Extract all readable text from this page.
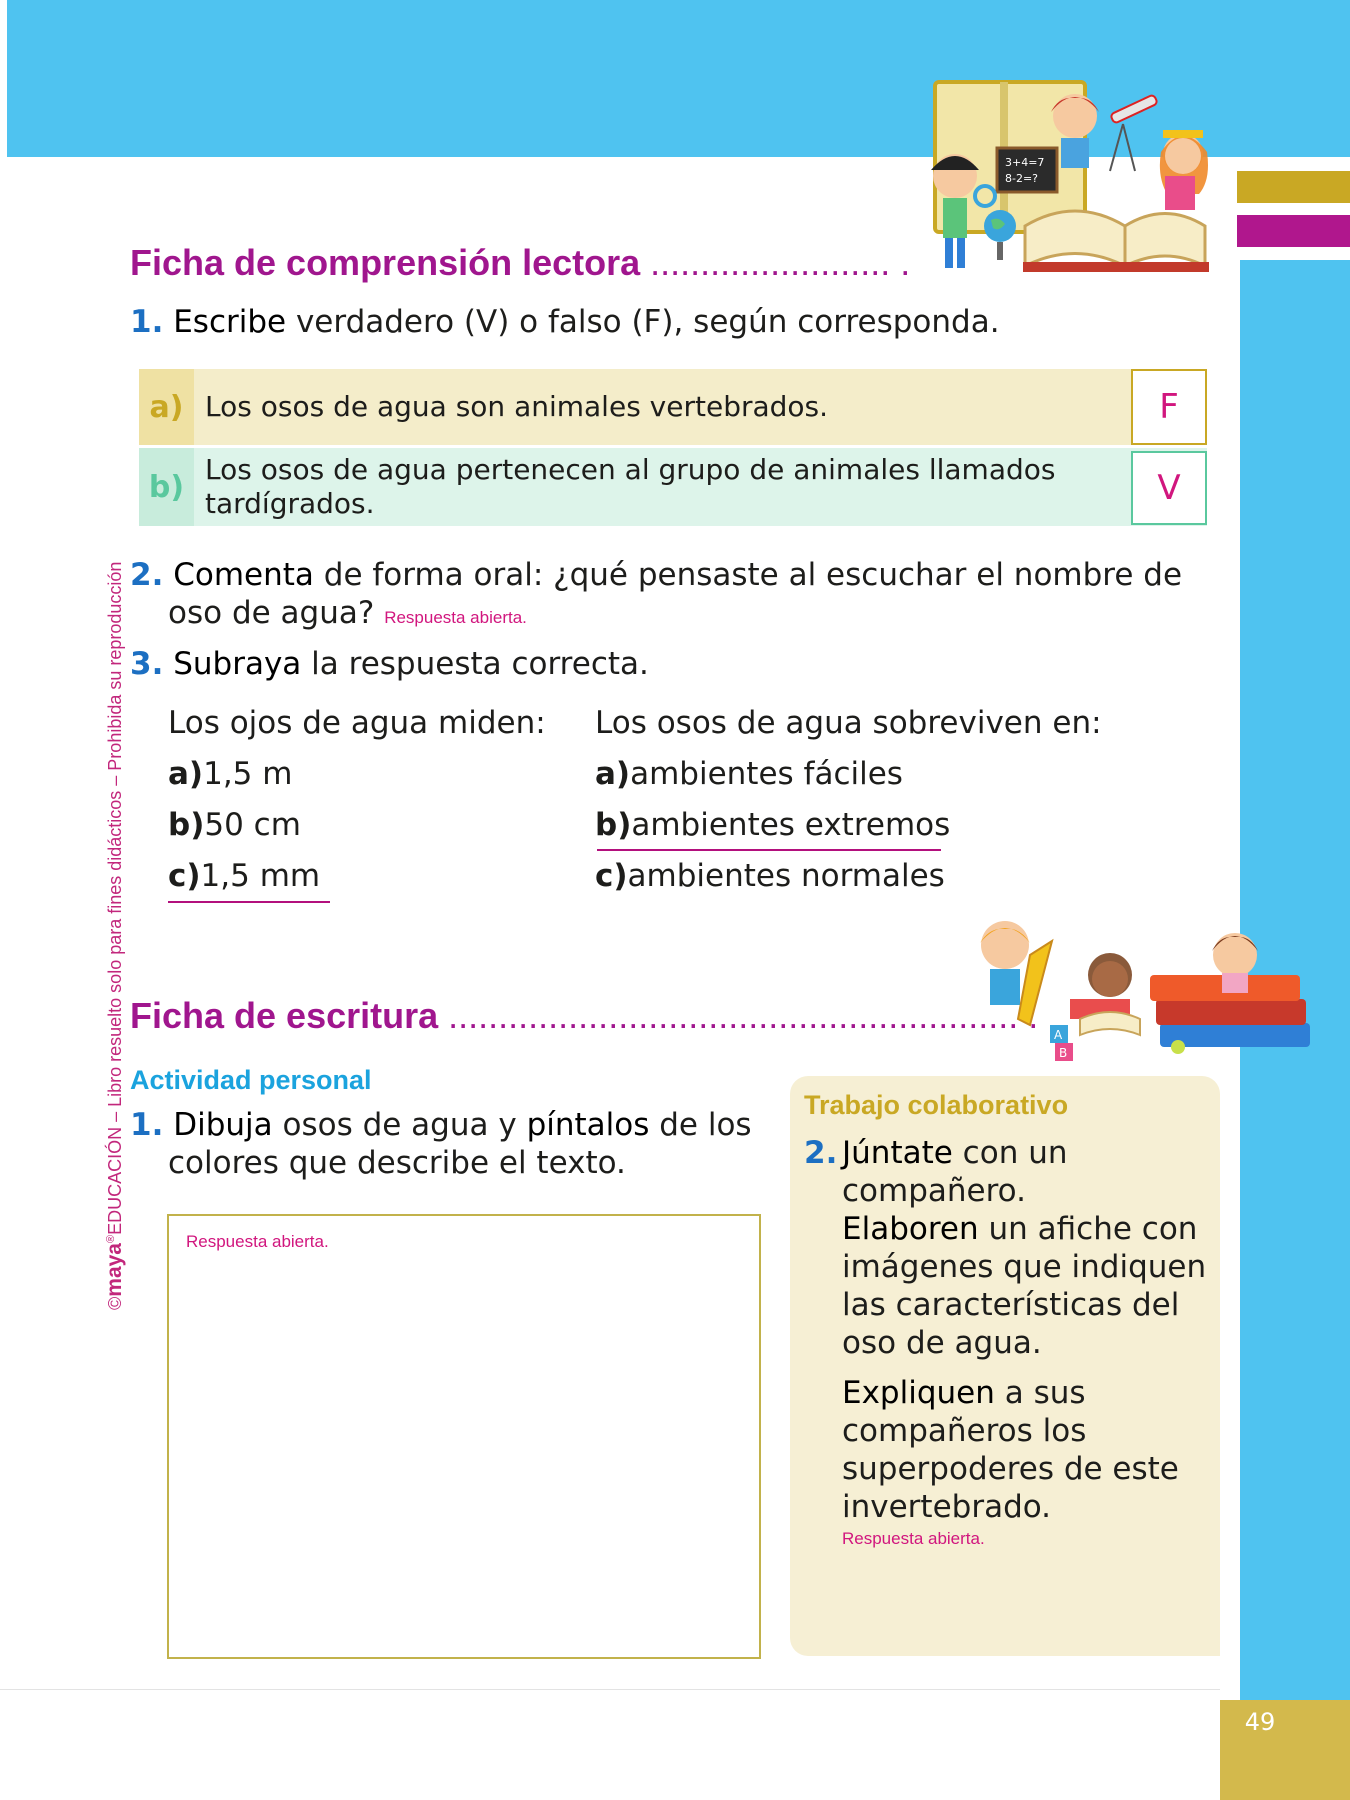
49
©maya®EDUCACIÓN – Libro resuelto solo para fines didácticos – Prohibida su reproducción
3+4=7
8-2=?
Ficha de comprensión lectora ........................ .
1. Escribe verdadero (V) o falso (F), según corresponda.
a) Los osos de agua son animales vertebrados.	F
b) Los osos de agua pertenecen al grupo de animales llamados tardígrados.	V
2. Comenta de forma oral: ¿qué pensaste al escuchar el nombre de
oso de agua? Respuesta abierta.
3. Subraya la respuesta correcta.
Los ojos de agua miden:
a)1,5 m
b)50 cm
c)1,5 mm
Los osos de agua sobreviven en:
a)ambientes fáciles
b)ambientes extremos
c)ambientes normales
A
B
Ficha de escritura ......................................................... .
Actividad personal
1. Dibuja osos de agua y píntalos de los
colores que describe el texto.
Respuesta abierta.
Trabajo colaborativo
2. Júntate con un compañero.
Elaboren un afiche con imágenes que indiquen las características del oso de agua.
Expliquen a sus compañeros los superpoderes de este invertebrado.
Respuesta abierta.
